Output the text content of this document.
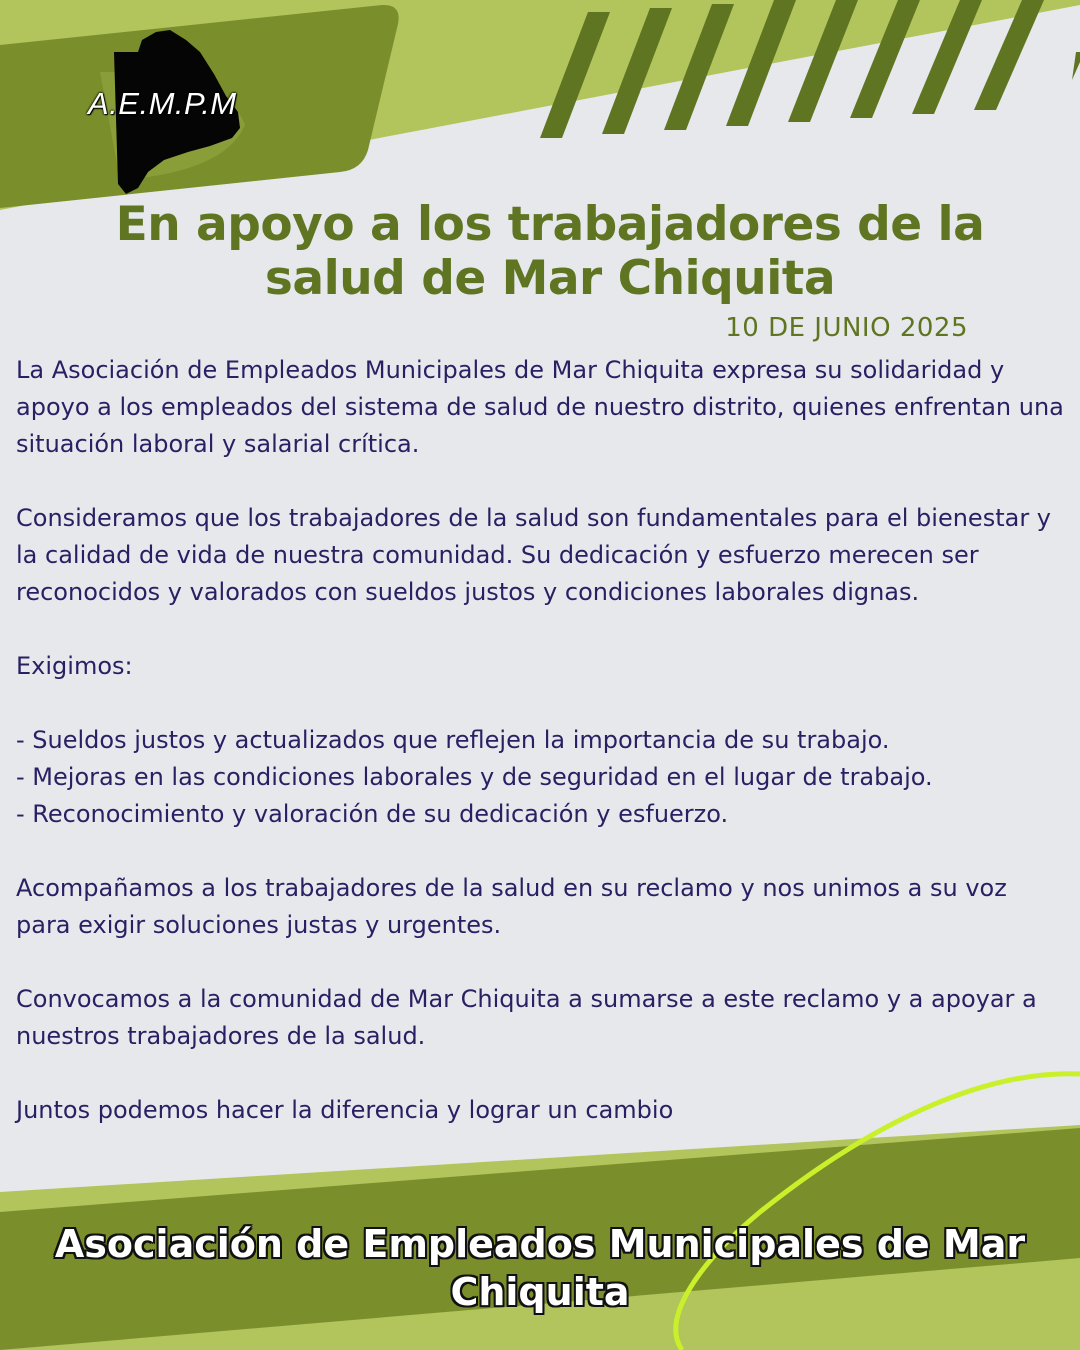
A.E.M.P.M
En apoyo a los trabajadores de la salud de Mar Chiquita
10 DE JUNIO 2025

La Asociación de Empleados Municipales de Mar Chiquita expresa su solidaridad y apoyo a los empleados del sistema de salud de nuestro distrito, quienes enfrentan una situación laboral y salarial crítica.

Consideramos que los trabajadores de la salud son fundamentales para el bienestar y la calidad de vida de nuestra comunidad. Su dedicación y esfuerzo merecen ser reconocidos y valorados con sueldos justos y condiciones laborales dignas.

Exigimos:

- Sueldos justos y actualizados que reflejen la importancia de su trabajo.
- Mejoras en las condiciones laborales y de seguridad en el lugar de trabajo.
- Reconocimiento y valoración de su dedicación y esfuerzo.

Acompañamos a los trabajadores de la salud en su reclamo y nos unimos a su voz para exigir soluciones justas y urgentes.

Convocamos a la comunidad de Mar Chiquita a sumarse a este reclamo y a apoyar a nuestros trabajadores de la salud.

Juntos podemos hacer la diferencia y lograr un cambio

Asociación de Empleados Municipales de Mar Chiquita
